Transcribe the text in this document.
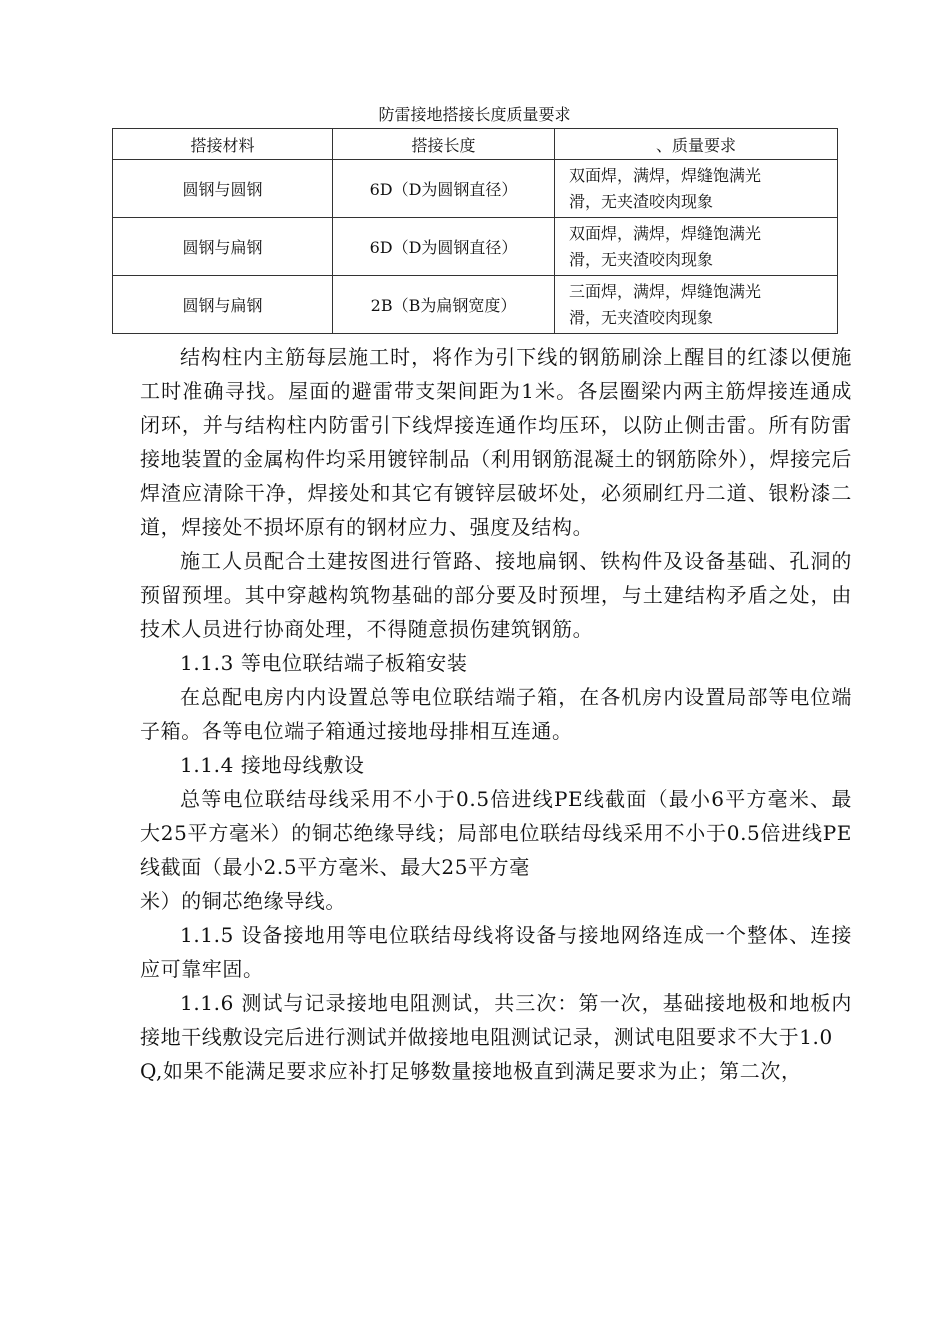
防雷接地搭接长度质量要求
搭接材料	搭接长度	、质量要求
圆钢与圆钢	6D（D为圆钢直径）	双面焊，满焊，焊缝饱满光
滑，无夹渣咬肉现象
圆钢与扁钢	6D（D为圆钢直径）	双面焊，满焊，焊缝饱满光
滑，无夹渣咬肉现象
圆钢与扁钢	2B（B为扁钢宽度）	三面焊，满焊，焊缝饱满光
滑，无夹渣咬肉现象

结构柱内主筋每层施工时，将作为引下线的钢筋刷涂上醒目的红漆以便施工时准确寻找。屋面的避雷带支架间距为1米。各层圈梁内两主筋焊接连通成闭环，并与结构柱内防雷引下线焊接连通作均压环，以防止侧击雷。所有防雷接地装置的金属构件均采用镀锌制品（利用钢筋混凝土的钢筋除外），焊接完后焊渣应清除干净，焊接处和其它有镀锌层破坏处，必须刷红丹二道、银粉漆二道，焊接处不损坏原有的钢材应力、强度及结构。

施工人员配合土建按图进行管路、接地扁钢、铁构件及设备基础、孔洞的预留预埋。其中穿越构筑物基础的部分要及时预埋，与土建结构矛盾之处，由技术人员进行协商处理，不得随意损伤建筑钢筋。

1.1.3 等电位联结端子板箱安装

在总配电房内内设置总等电位联结端子箱，在各机房内设置局部等电位端子箱。各等电位端子箱通过接地母排相互连通。

1.1.4 接地母线敷设

总等电位联结母线采用不小于0.5倍进线PE线截面（最小6平方毫米、最大25平方毫米）的铜芯绝缘导线；局部电位联结母线采用不小于0.5倍进线PE线截面（最小2.5平方毫米、最大25平方毫

米）的铜芯绝缘导线。

1.1.5 设备接地用等电位联结母线将设备与接地网络连成一个整体、连接应可靠牢固。

1.1.6 测试与记录接地电阻测试，共三次：第一次，基础接地极和地板内接地干线敷设完后进行测试并做接地电阻测试记录，测试电阻要求不大于1.0

Q,如果不能满足要求应补打足够数量接地极直到满足要求为止；第二次，
